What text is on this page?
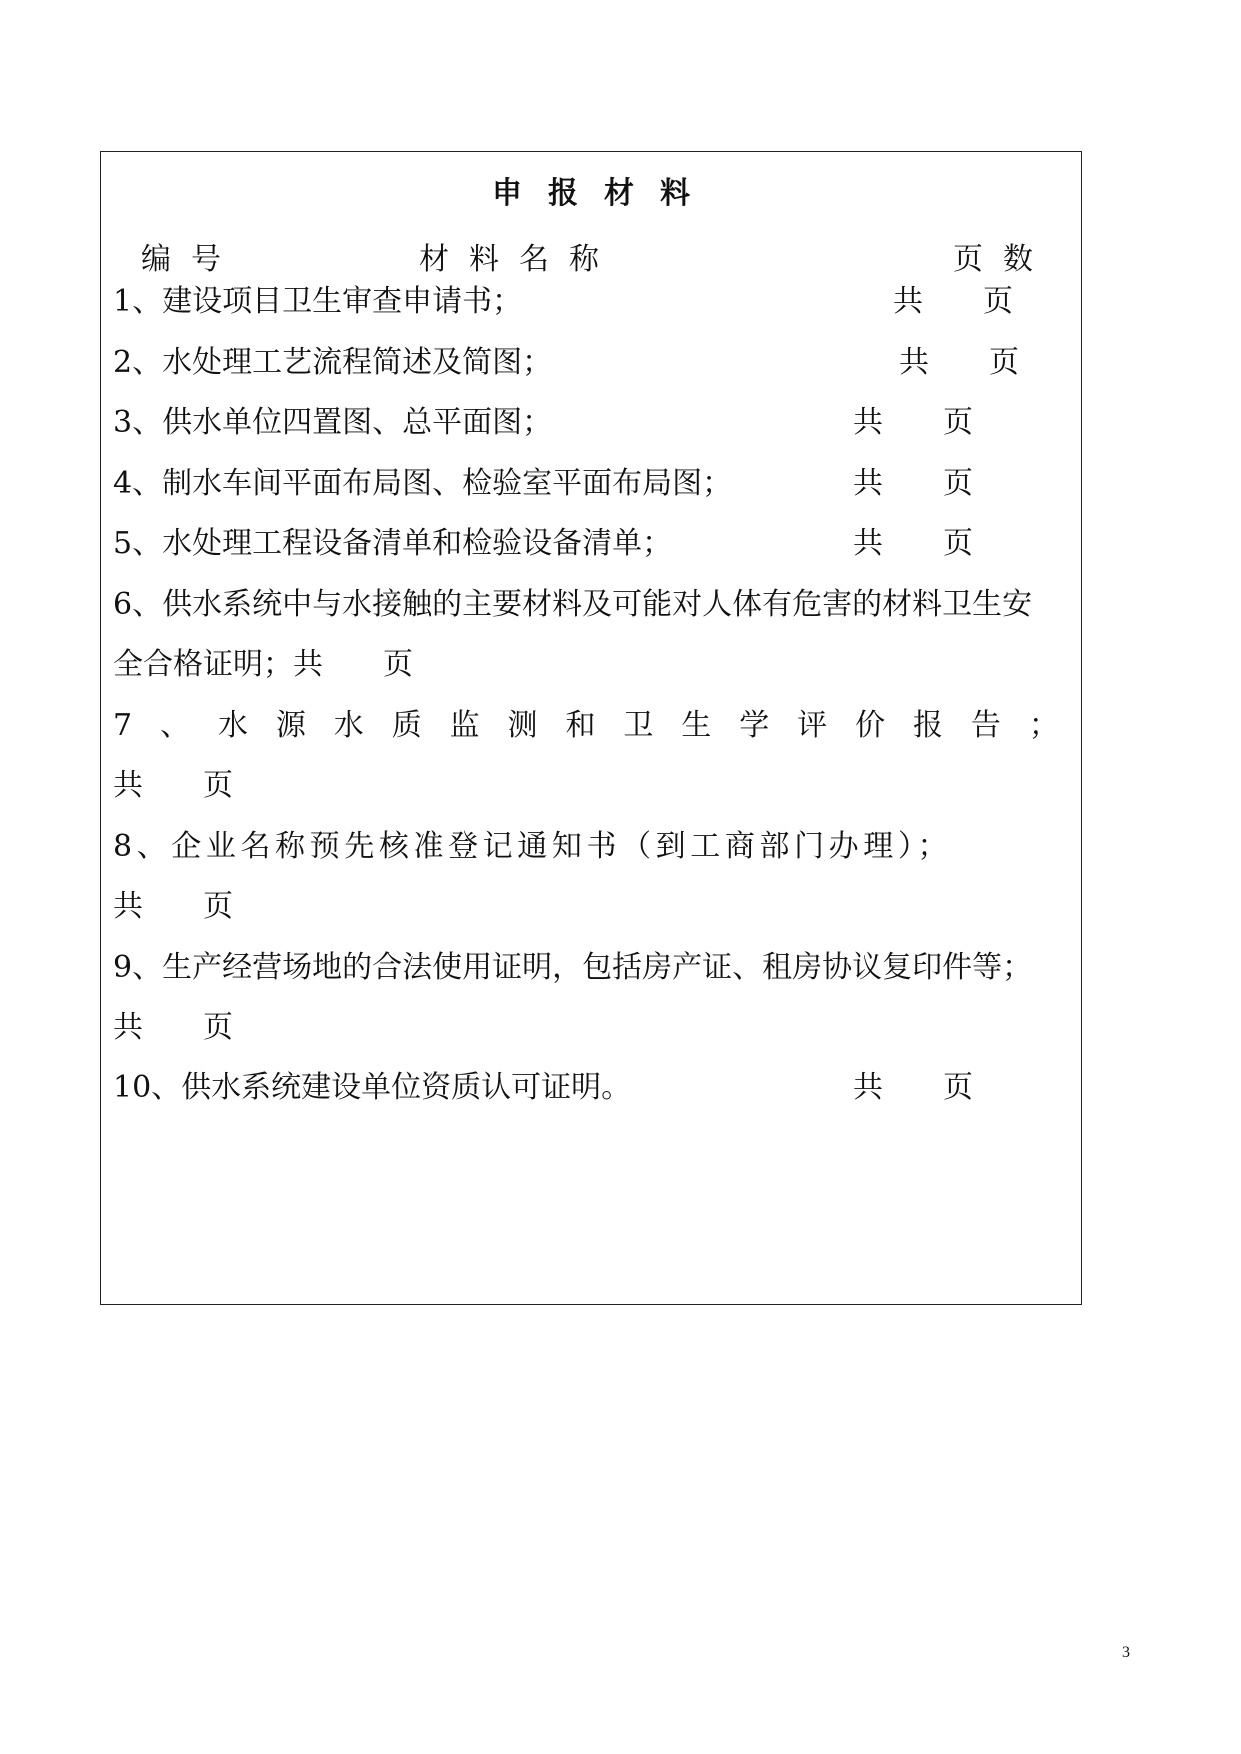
申报材料
编号	材料名称	页数
1、建设项目卫生审查申请书；	共　　页
2、水处理工艺流程简述及简图；	共　　页
3、供水单位四置图、总平面图；	共　　页
4、制水车间平面布局图、检验室平面布局图；	共　　页
5、水处理工程设备清单和检验设备清单；	共　　页
6、供水系统中与水接触的主要材料及可能对人体有危害的材料卫生安
全合格证明；共　　页
7 、 水 源 水 质 监 测 和 卫 生 学 评 价 报 告 ；
共　　页
8、企业名称预先核准登记通知书（到工商部门办理）；
共　　页
9、生产经营场地的合法使用证明，包括房产证、租房协议复印件等；
共　　页
10、供水系统建设单位资质认可证明。	共　　页
3
